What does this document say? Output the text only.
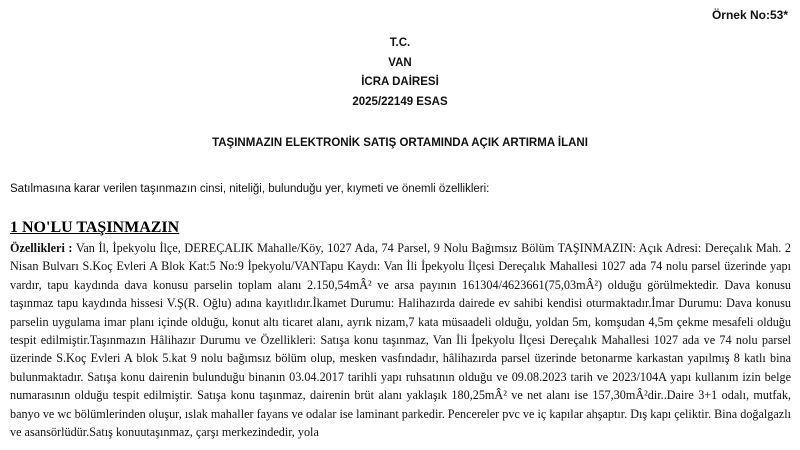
Örnek No:53*
T.C.
VAN
İCRA DAİRESİ
2025/22149 ESAS
TAŞINMAZIN ELEKTRONİK SATIŞ ORTAMINDA AÇIK ARTIRMA İLANI
Satılmasına karar verilen taşınmazın cinsi, niteliği, bulunduğu yer, kıymeti ve önemli özellikleri:
1 NO'LU TAŞINMAZIN
Özellikleri : Van İl, İpekyolu İlçe, DEREÇALIK Mahalle/Köy, 1027 Ada, 74 Parsel, 9 Nolu Bağımsız Bölüm TAŞINMAZIN: Açık Adresi: Dereçalık Mah. 2 Nisan Bulvarı S.Koç Evleri A Blok Kat:5 No:9 İpekyolu/VANTapu Kaydı: Van İli İpekyolu İlçesi Dereçalık Mahallesi 1027 ada 74 nolu parsel üzerinde yapı vardır, tapu kaydında dava konusu parselin toplam alanı 2.150,54mÂ² ve arsa payının 161304/4623661(75,03mÂ²) olduğu görülmektedir. Dava konusu taşınmaz tapu kaydında hissesi V.Ş(R. Oğlu) adına kayıtlıdır.İkamet Durumu: Halihazırda dairede ev sahibi kendisi oturmaktadır.İmar Durumu: Dava konusu parselin uygulama imar planı içinde olduğu, konut altı ticaret alanı, ayrık nizam,7 kata müsaadeli olduğu, yoldan 5m, komşudan 4,5m çekme mesafeli olduğu tespit edilmiştir.Taşınmazın Hâlihazır Durumu ve Özellikleri: Satışa konu taşınmaz, Van İli İpekyolu İlçesi Dereçalık Mahallesi 1027 ada ve 74 nolu parsel üzerinde S.Koç Evleri A blok 5.kat 9 nolu bağımsız bölüm olup, mesken vasfındadır, hâlihazırda parsel üzerinde betonarme karkastan yapılmış 8 katlı bina bulunmaktadır. Satışa konu dairenin bulunduğu binanın 03.04.2017 tarihli yapı ruhsatının olduğu ve 09.08.2023 tarih ve 2023/104A yapı kullanım izin belge numarasının olduğu tespit edilmiştir. Satışa konu taşınmaz, dairenin brüt alanı yaklaşık 180,25mÂ² ve net alanı ise 157,30mÂ²dir..Daire 3+1 odalı, mutfak, banyo ve wc bölümlerinden oluşur, ıslak mahaller fayans ve odalar ise laminant parkedir. Pencereler pvc ve iç kapılar ahşaptır. Dış kapı çeliktir. Bina doğalgazlı ve asansörlüdür.Satış konuutaşınmaz, çarşı merkezindedir, yola
